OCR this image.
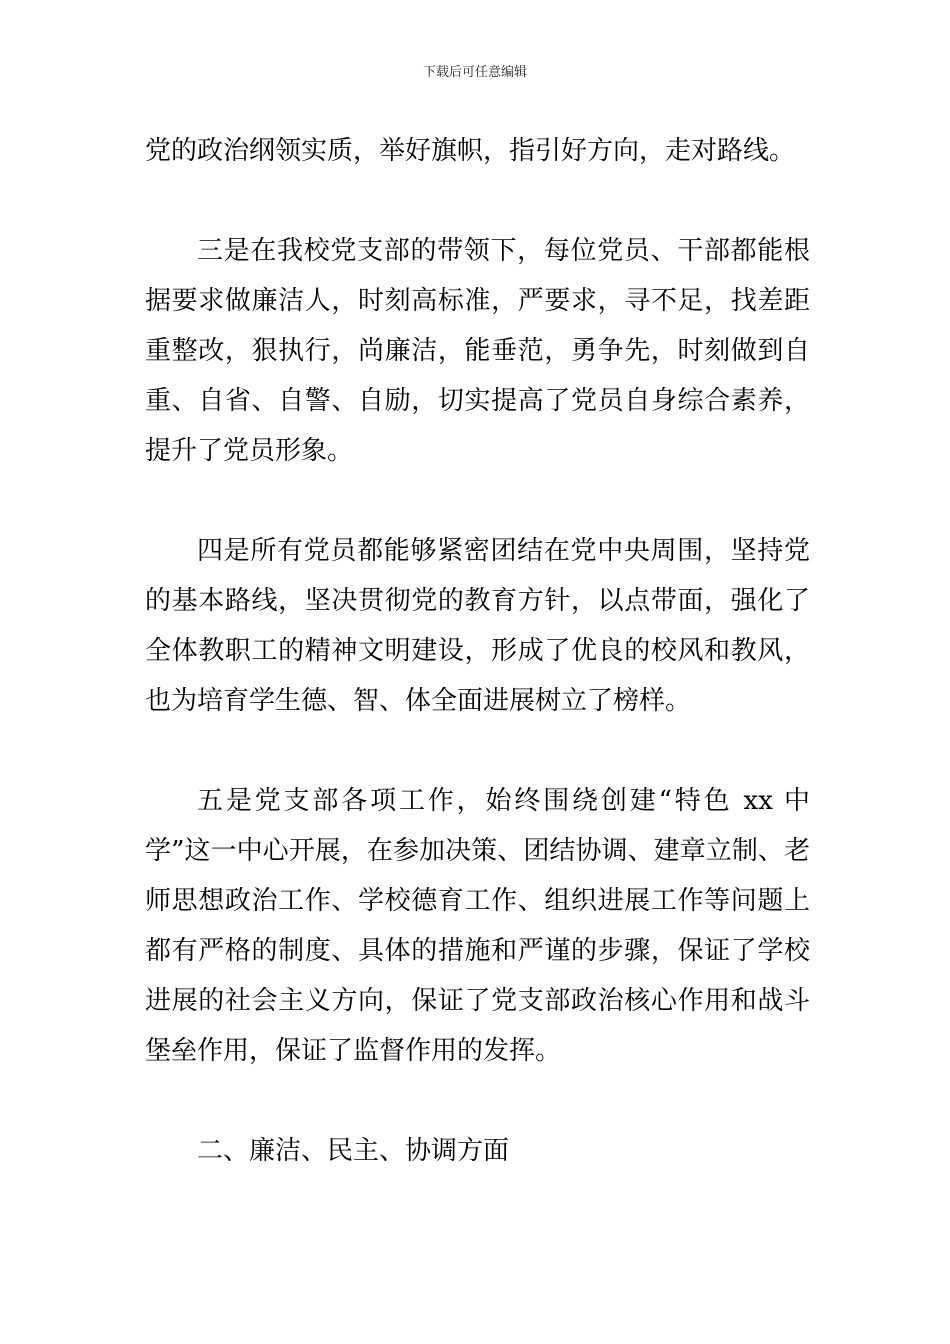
下载后可任意编辑

党的政治纲领实质，举好旗帜，指引好方向，走对路线。

三是在我校党支部的带领下，每位党员、干部都能根据要求做廉洁人，时刻高标准，严要求，寻不足，找差距重整改，狠执行，尚廉洁，能垂范，勇争先，时刻做到自重、自省、自警、自励，切实提高了党员自身综合素养，提升了党员形象。

四是所有党员都能够紧密团结在党中央周围，坚持党的基本路线，坚决贯彻党的教育方针，以点带面，强化了全体教职工的精神文明建设，形成了优良的校风和教风，也为培育学生德、智、体全面进展树立了榜样。

五是党支部各项工作，始终围绕创建“特色 xx 中学”这一中心开展，在参加决策、团结协调、建章立制、老师思想政治工作、学校德育工作、组织进展工作等问题上都有严格的制度、具体的措施和严谨的步骤，保证了学校进展的社会主义方向，保证了党支部政治核心作用和战斗堡垒作用，保证了监督作用的发挥。

二、廉洁、民主、协调方面
